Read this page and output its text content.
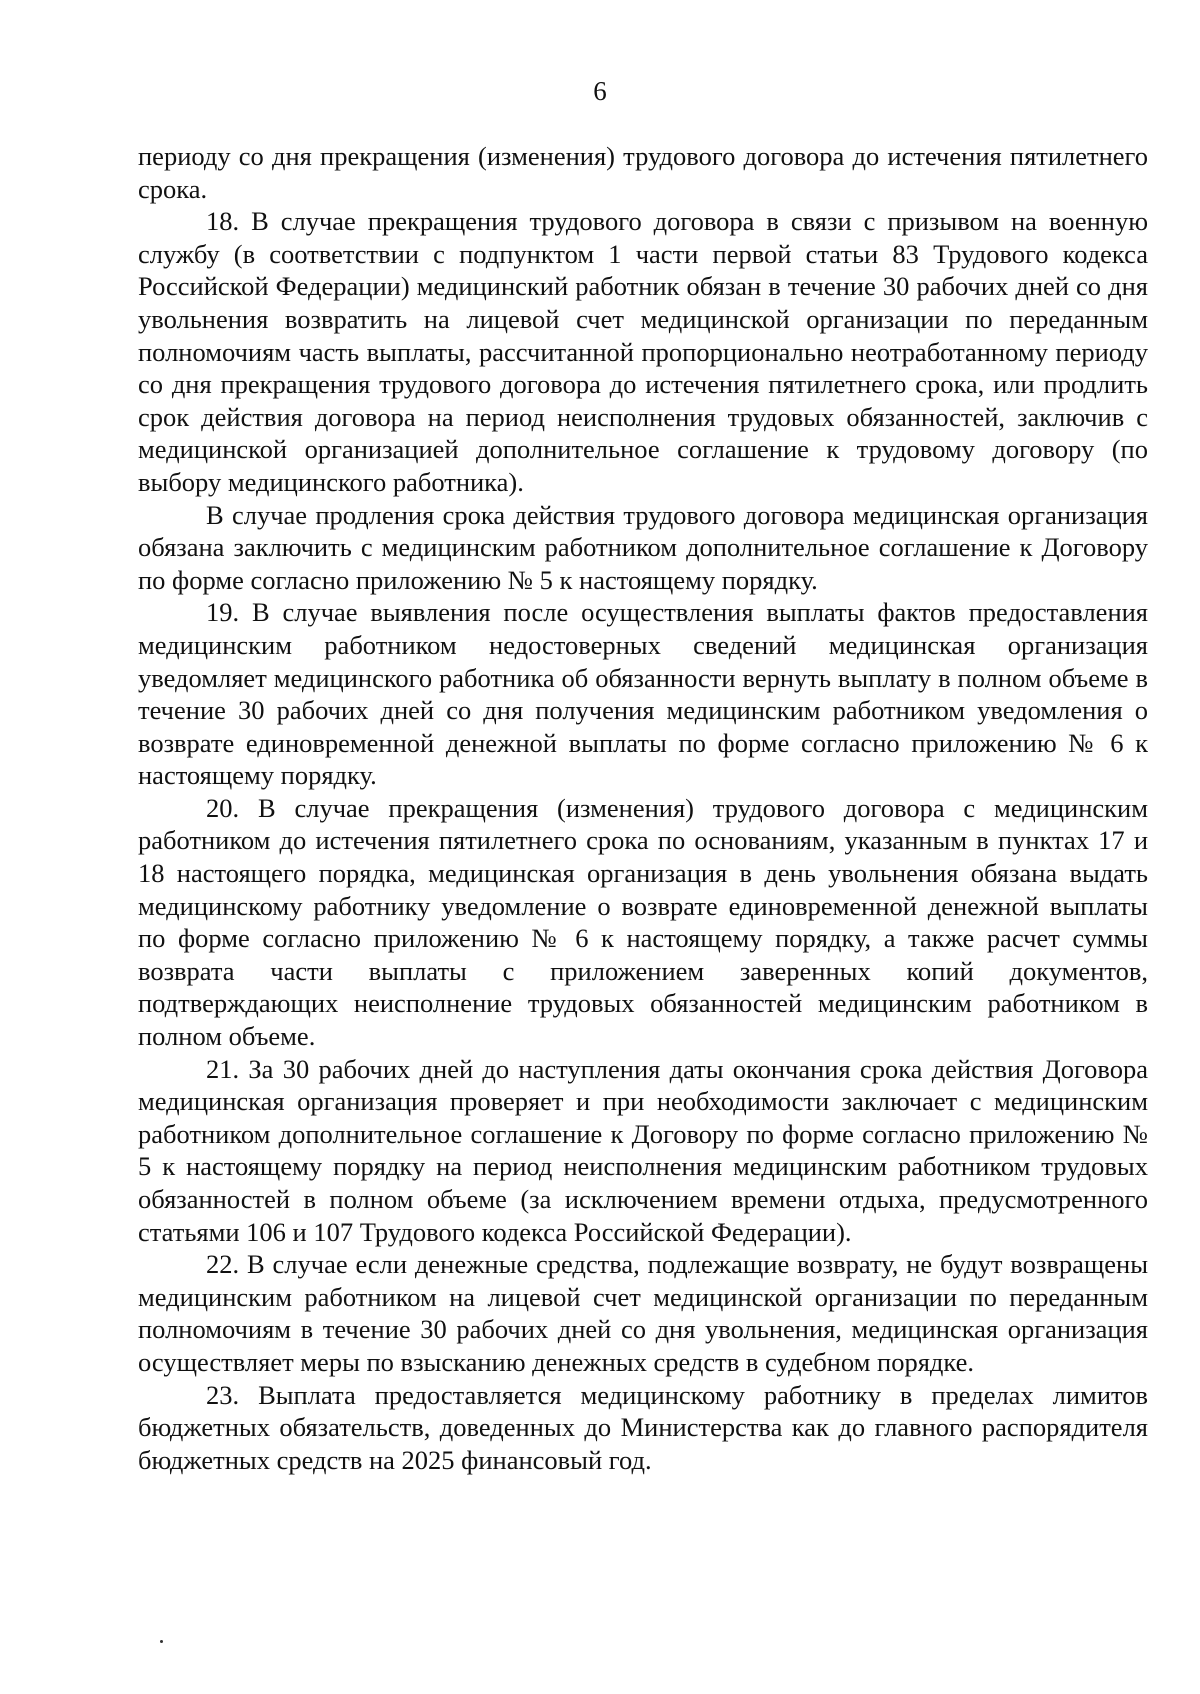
6

периоду со дня прекращения (изменения) трудового договора до истечения пятилетнего срока.

18. В случае прекращения трудового договора в связи с призывом на военную службу (в соответствии с подпунктом 1 части первой статьи 83 Трудового кодекса Российской Федерации) медицинский работник обязан в течение 30 рабочих дней со дня увольнения возвратить на лицевой счет медицинской организации по переданным полномочиям часть выплаты, рассчитанной пропорционально неотработанному периоду со дня прекращения трудового договора до истечения пятилетнего срока, или продлить срок действия договора на период неисполнения трудовых обязанностей, заключив с медицинской организацией дополнительное соглашение к трудовому договору (по выбору медицинского работника).

В случае продления срока действия трудового договора медицинская организация обязана заключить с медицинским работником дополнительное соглашение к Договору по форме согласно приложению № 5 к настоящему порядку.

19. В случае выявления после осуществления выплаты фактов предоставления медицинским работником недостоверных сведений медицинская организация уведомляет медицинского работника об обязанности вернуть выплату в полном объеме в течение 30 рабочих дней со дня получения медицинским работником уведомления о возврате единовременной денежной выплаты по форме согласно приложению № 6 к настоящему порядку.

20. В случае прекращения (изменения) трудового договора с медицинским работником до истечения пятилетнего срока по основаниям, указанным в пунктах 17 и 18 настоящего порядка, медицинская организация в день увольнения обязана выдать медицинскому работнику уведомление о возврате единовременной денежной выплаты по форме согласно приложению № 6 к настоящему порядку, а также расчет суммы возврата части выплаты с приложением заверенных копий документов, подтверждающих неисполнение трудовых обязанностей медицинским работником в полном объеме.

21. За 30 рабочих дней до наступления даты окончания срока действия Договора медицинская организация проверяет и при необходимости заключает с медицинским работником дополнительное соглашение к Договору по форме согласно приложению № 5 к настоящему порядку на период неисполнения медицинским работником трудовых обязанностей в полном объеме (за исключением времени отдыха, предусмотренного статьями 106 и 107 Трудового кодекса Российской Федерации).

22. В случае если денежные средства, подлежащие возврату, не будут возвращены медицинским работником на лицевой счет медицинской организации по переданным полномочиям в течение 30 рабочих дней со дня увольнения, медицинская организация осуществляет меры по взысканию денежных средств в судебном порядке.

23. Выплата предоставляется медицинскому работнику в пределах лимитов бюджетных обязательств, доведенных до Министерства как до главного распорядителя бюджетных средств на 2025 финансовый год.
